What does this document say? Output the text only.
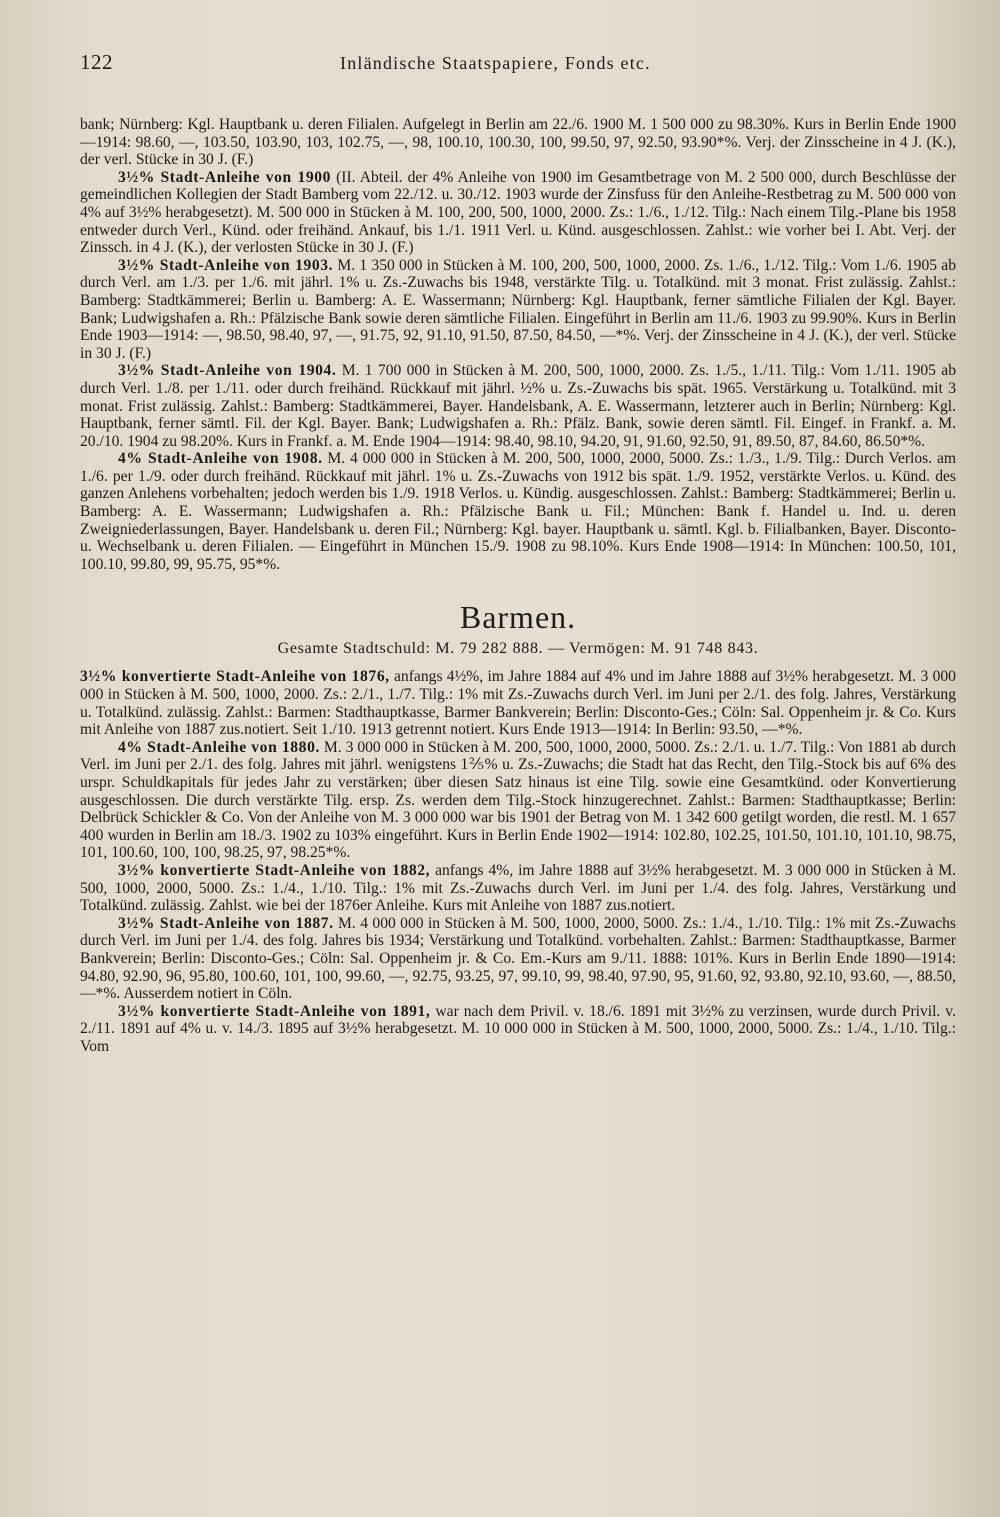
122	Inländische Staatspapiere, Fonds etc.

bank; Nürnberg: Kgl. Hauptbank u. deren Filialen. Aufgelegt in Berlin am 22./6. 1900 M. 1 500 000 zu 98.30%. Kurs in Berlin Ende 1900—1914: 98.60, —, 103.50, 103.90, 103, 102.75, —, 98, 100.10, 100.30, 100, 99.50, 97, 92.50, 93.90*%. Verj. der Zinsscheine in 4 J. (K.), der verl. Stücke in 30 J. (F.)

3½% Stadt-Anleihe von 1900 (II. Abteil. der 4% Anleihe von 1900 im Gesamtbetrage von M. 2 500 000, durch Beschlüsse der gemeindlichen Kollegien der Stadt Bamberg vom 22./12. u. 30./12. 1903 wurde der Zinsfuss für den Anleihe-Restbetrag zu M. 500 000 von 4% auf 3½% herabgesetzt). M. 500 000 in Stücken à M. 100, 200, 500, 1000, 2000. Zs.: 1./6., 1./12. Tilg.: Nach einem Tilg.-Plane bis 1958 entweder durch Verl., Künd. oder freihänd. Ankauf, bis 1./1. 1911 Verl. u. Künd. ausgeschlossen. Zahlst.: wie vorher bei I. Abt. Verj. der Zinssch. in 4 J. (K.), der verlosten Stücke in 30 J. (F.)

3½% Stadt-Anleihe von 1903. M. 1 350 000 in Stücken à M. 100, 200, 500, 1000, 2000. Zs. 1./6., 1./12. Tilg.: Vom 1./6. 1905 ab durch Verl. am 1./3. per 1./6. mit jährl. 1% u. Zs.-Zuwachs bis 1948, verstärkte Tilg. u. Totalkünd. mit 3 monat. Frist zulässig. Zahlst.: Bamberg: Stadtkämmerei; Berlin u. Bamberg: A. E. Wassermann; Nürnberg: Kgl. Hauptbank, ferner sämtliche Filialen der Kgl. Bayer. Bank; Ludwigshafen a. Rh.: Pfälzische Bank sowie deren sämtliche Filialen. Eingeführt in Berlin am 11./6. 1903 zu 99.90%. Kurs in Berlin Ende 1903—1914: —, 98.50, 98.40, 97, —, 91.75, 92, 91.10, 91.50, 87.50, 84.50, —*%. Verj. der Zinsscheine in 4 J. (K.), der verl. Stücke in 30 J. (F.)

3½% Stadt-Anleihe von 1904. M. 1 700 000 in Stücken à M. 200, 500, 1000, 2000. Zs. 1./5., 1./11. Tilg.: Vom 1./11. 1905 ab durch Verl. 1./8. per 1./11. oder durch freihänd. Rückkauf mit jährl. ½% u. Zs.-Zuwachs bis spät. 1965. Verstärkung u. Totalkünd. mit 3 monat. Frist zulässig. Zahlst.: Bamberg: Stadtkämmerei, Bayer. Handelsbank, A. E. Wassermann, letzterer auch in Berlin; Nürnberg: Kgl. Hauptbank, ferner sämtl. Fil. der Kgl. Bayer. Bank; Ludwigshafen a. Rh.: Pfälz. Bank, sowie deren sämtl. Fil. Eingef. in Frankf. a. M. 20./10. 1904 zu 98.20%. Kurs in Frankf. a. M. Ende 1904—1914: 98.40, 98.10, 94.20, 91, 91.60, 92.50, 91, 89.50, 87, 84.60, 86.50*%.

4% Stadt-Anleihe von 1908. M. 4 000 000 in Stücken à M. 200, 500, 1000, 2000, 5000. Zs.: 1./3., 1./9. Tilg.: Durch Verlos. am 1./6. per 1./9. oder durch freihänd. Rückkauf mit jährl. 1% u. Zs.-Zuwachs von 1912 bis spät. 1./9. 1952, verstärkte Verlos. u. Künd. des ganzen Anlehens vorbehalten; jedoch werden bis 1./9. 1918 Verlos. u. Kündig. ausgeschlossen. Zahlst.: Bamberg: Stadtkämmerei; Berlin u. Bamberg: A. E. Wassermann; Ludwigshafen a. Rh.: Pfälzische Bank u. Fil.; München: Bank f. Handel u. Ind. u. deren Zweigniederlassungen, Bayer. Handelsbank u. deren Fil.; Nürnberg: Kgl. bayer. Hauptbank u. sämtl. Kgl. b. Filialbanken, Bayer. Disconto- u. Wechselbank u. deren Filialen. — Eingeführt in München 15./9. 1908 zu 98.10%. Kurs Ende 1908—1914: In München: 100.50, 101, 100.10, 99.80, 99, 95.75, 95*%.

Barmen.
Gesamte Stadtschuld: M. 79 282 888. — Vermögen: M. 91 748 843.

3½% konvertierte Stadt-Anleihe von 1876, anfangs 4½%, im Jahre 1884 auf 4% und im Jahre 1888 auf 3½% herabgesetzt. M. 3 000 000 in Stücken à M. 500, 1000, 2000. Zs.: 2./1., 1./7. Tilg.: 1% mit Zs.-Zuwachs durch Verl. im Juni per 2./1. des folg. Jahres, Verstärkung u. Totalkünd. zulässig. Zahlst.: Barmen: Stadthauptkasse, Barmer Bankverein; Berlin: Disconto-Ges.; Cöln: Sal. Oppenheim jr. & Co. Kurs mit Anleihe von 1887 zus.notiert. Seit 1./10. 1913 getrennt notiert. Kurs Ende 1913—1914: In Berlin: 93.50, —*%.

4% Stadt-Anleihe von 1880. M. 3 000 000 in Stücken à M. 200, 500, 1000, 2000, 5000. Zs.: 2./1. u. 1./7. Tilg.: Von 1881 ab durch Verl. im Juni per 2./1. des folg. Jahres mit jährl. wenigstens 1⅖% u. Zs.-Zuwachs; die Stadt hat das Recht, den Tilg.-Stock bis auf 6% des urspr. Schuldkapitals für jedes Jahr zu verstärken; über diesen Satz hinaus ist eine Tilg. sowie eine Gesamtkünd. oder Konvertierung ausgeschlossen. Die durch verstärkte Tilg. ersp. Zs. werden dem Tilg.-Stock hinzugerechnet. Zahlst.: Barmen: Stadthauptkasse; Berlin: Delbrück Schickler & Co. Von der Anleihe von M. 3 000 000 war bis 1901 der Betrag von M. 1 342 600 getilgt worden, die restl. M. 1 657 400 wurden in Berlin am 18./3. 1902 zu 103% eingeführt. Kurs in Berlin Ende 1902—1914: 102.80, 102.25, 101.50, 101.10, 101.10, 98.75, 101, 100.60, 100, 100, 98.25, 97, 98.25*%.

3½% konvertierte Stadt-Anleihe von 1882, anfangs 4%, im Jahre 1888 auf 3½% herabgesetzt. M. 3 000 000 in Stücken à M. 500, 1000, 2000, 5000. Zs.: 1./4., 1./10. Tilg.: 1% mit Zs.-Zuwachs durch Verl. im Juni per 1./4. des folg. Jahres, Verstärkung und Totalkünd. zulässig. Zahlst. wie bei der 1876er Anleihe. Kurs mit Anleihe von 1887 zus.notiert.

3½% Stadt-Anleihe von 1887. M. 4 000 000 in Stücken à M. 500, 1000, 2000, 5000. Zs.: 1./4., 1./10. Tilg.: 1% mit Zs.-Zuwachs durch Verl. im Juni per 1./4. des folg. Jahres bis 1934; Verstärkung und Totalkünd. vorbehalten. Zahlst.: Barmen: Stadthauptkasse, Barmer Bankverein; Berlin: Disconto-Ges.; Cöln: Sal. Oppenheim jr. & Co. Em.-Kurs am 9./11. 1888: 101%. Kurs in Berlin Ende 1890—1914: 94.80, 92.90, 96, 95.80, 100.60, 101, 100, 99.60, —, 92.75, 93.25, 97, 99.10, 99, 98.40, 97.90, 95, 91.60, 92, 93.80, 92.10, 93.60, —, 88.50, —*%. Ausserdem notiert in Cöln.

3½% konvertierte Stadt-Anleihe von 1891, war nach dem Privil. v. 18./6. 1891 mit 3½% zu verzinsen, wurde durch Privil. v. 2./11. 1891 auf 4% u. v. 14./3. 1895 auf 3½% herabgesetzt. M. 10 000 000 in Stücken à M. 500, 1000, 2000, 5000. Zs.: 1./4., 1./10. Tilg.: Vom
